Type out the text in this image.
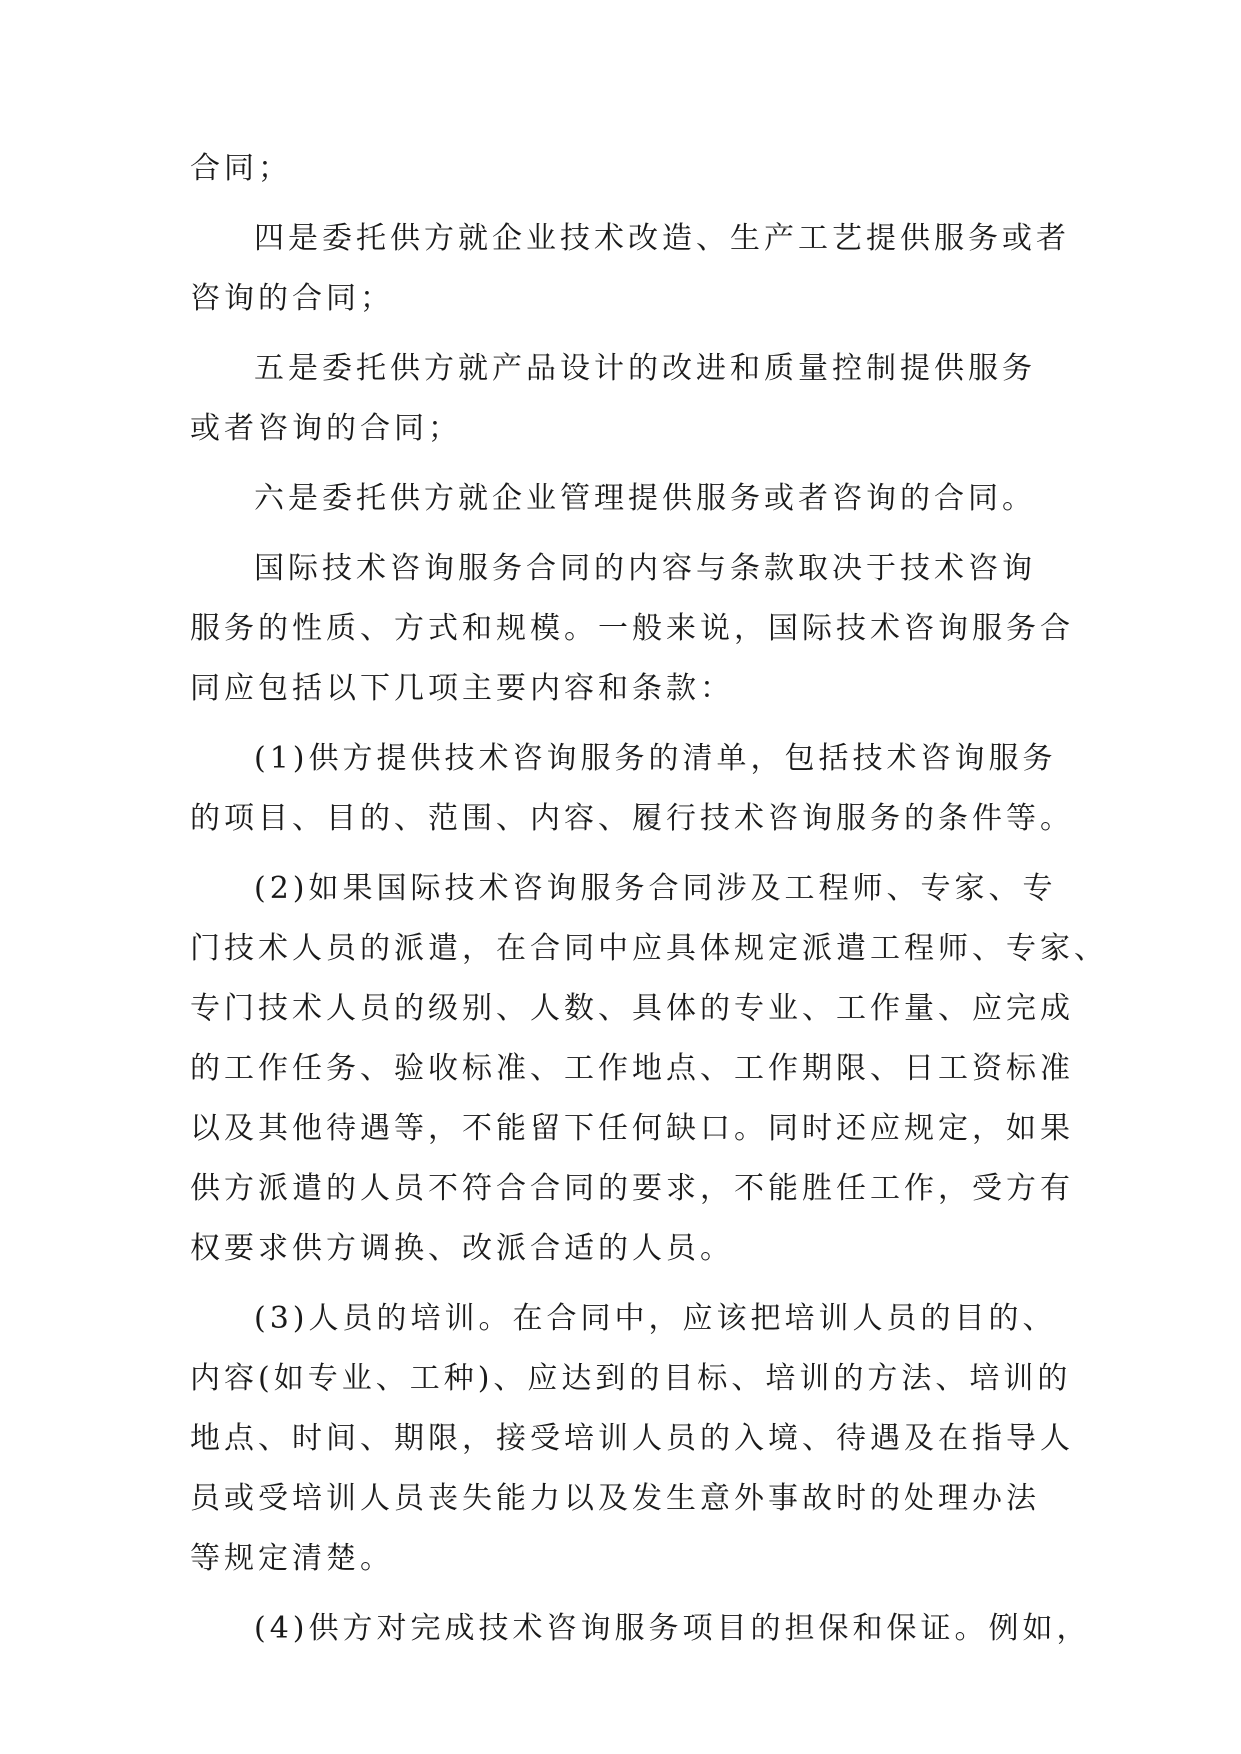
合同；
四是委托供方就企业技术改造、生产工艺提供服务或者
咨询的合同；
五是委托供方就产品设计的改进和质量控制提供服务
或者咨询的合同；
六是委托供方就企业管理提供服务或者咨询的合同。
国际技术咨询服务合同的内容与条款取决于技术咨询
服务的性质、方式和规模。一般来说，国际技术咨询服务合
同应包括以下几项主要内容和条款：
(1)供方提供技术咨询服务的清单，包括技术咨询服务
的项目、目的、范围、内容、履行技术咨询服务的条件等。
(2)如果国际技术咨询服务合同涉及工程师、专家、专
门技术人员的派遣，在合同中应具体规定派遣工程师、专家、
专门技术人员的级别、人数、具体的专业、工作量、应完成
的工作任务、验收标准、工作地点、工作期限、日工资标准
以及其他待遇等，不能留下任何缺口。同时还应规定，如果
供方派遣的人员不符合合同的要求，不能胜任工作，受方有
权要求供方调换、改派合适的人员。
(3)人员的培训。在合同中，应该把培训人员的目的、
内容(如专业、工种)、应达到的目标、培训的方法、培训的
地点、时间、期限，接受培训人员的入境、待遇及在指导人
员或受培训人员丧失能力以及发生意外事故时的处理办法
等规定清楚。
(4)供方对完成技术咨询服务项目的担保和保证。例如，
